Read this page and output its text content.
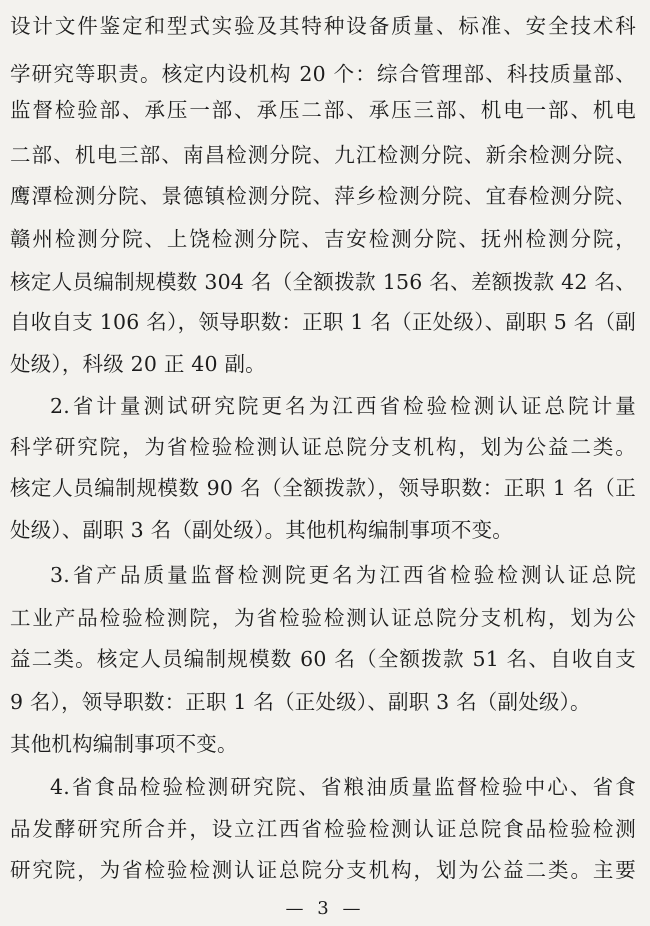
设计文件鉴定和型式实验及其特种设备质量、标准、安全技术科
学研究等职责。核定内设机构 20 个：综合管理部、科技质量部、
监督检验部、承压一部、承压二部、承压三部、机电一部、机电
二部、机电三部、南昌检测分院、九江检测分院、新余检测分院、
鹰潭检测分院、景德镇检测分院、萍乡检测分院、宜春检测分院、
赣州检测分院、上饶检测分院、吉安检测分院、抚州检测分院，
核定人员编制规模数 304 名（全额拨款 156 名、差额拨款 42 名、
自收自支 106 名），领导职数：正职 1 名（正处级）、副职 5 名（副
处级），科级 20 正 40 副。
2.省计量测试研究院更名为江西省检验检测认证总院计量
科学研究院，为省检验检测认证总院分支机构，划为公益二类。
核定人员编制规模数 90 名（全额拨款），领导职数：正职 1 名（正
处级）、副职 3 名（副处级）。其他机构编制事项不变。
3.省产品质量监督检测院更名为江西省检验检测认证总院
工业产品检验检测院，为省检验检测认证总院分支机构，划为公
益二类。核定人员编制规模数 60 名（全额拨款 51 名、自收自支
9 名），领导职数：正职 1 名（正处级）、副职 3 名（副处级）。
其他机构编制事项不变。
4.省食品检验检测研究院、省粮油质量监督检验中心、省食
品发酵研究所合并，设立江西省检验检测认证总院食品检验检测
研究院，为省检验检测认证总院分支机构，划为公益二类。主要
— 3 —
